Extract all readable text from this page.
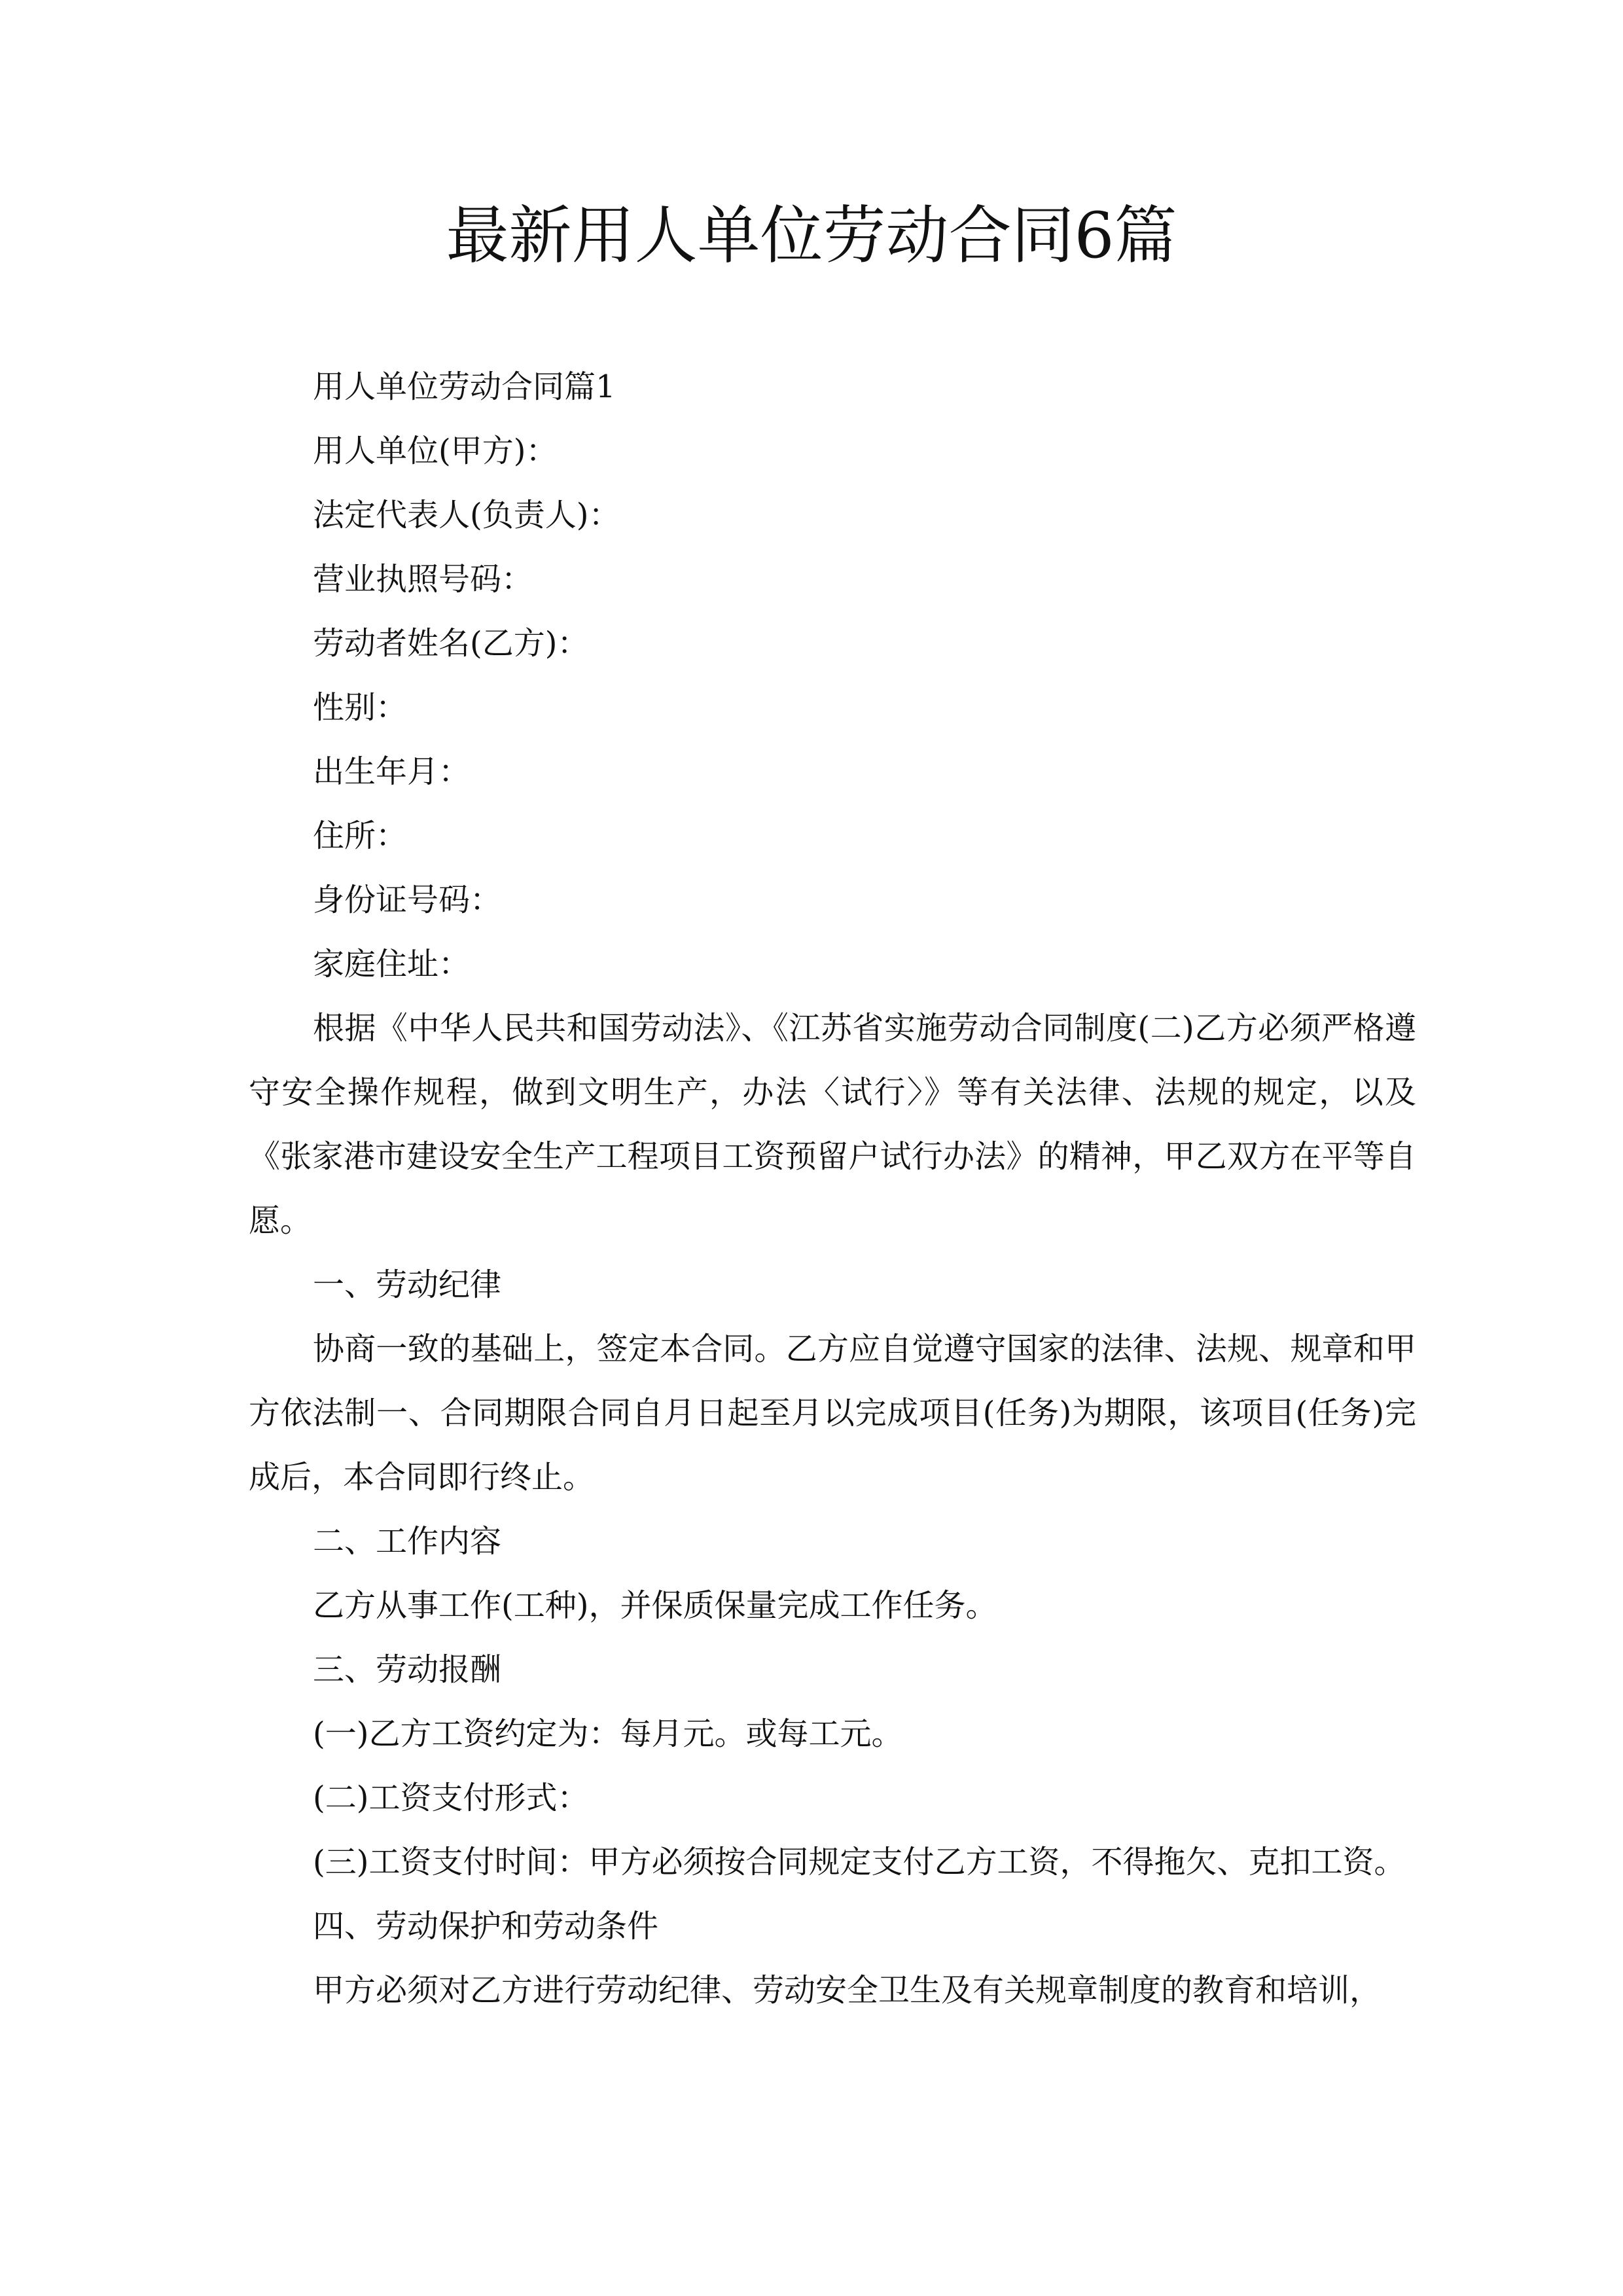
最新用人单位劳动合同6篇

用人单位劳动合同篇1

用人单位(甲方)：

法定代表人(负责人)：

营业执照号码：

劳动者姓名(乙方)：

性别：

出生年月：

住所：

身份证号码：

家庭住址：

根据《中华人民共和国劳动法》、《江苏省实施劳动合同制度(二)乙方必须严格遵守安全操作规程，做到文明生产，办法〈试行〉》等有关法律、法规的规定，以及《张家港市建设安全生产工程项目工资预留户试行办法》的精神，甲乙双方在平等自愿。

一、劳动纪律

协商一致的基础上，签定本合同。乙方应自觉遵守国家的法律、法规、规章和甲方依法制一、合同期限合同自月日起至月以完成项目(任务)为期限，该项目(任务)完成后，本合同即行终止。

二、工作内容

乙方从事工作(工种)，并保质保量完成工作任务。

三、劳动报酬

(一)乙方工资约定为：每月元。或每工元。

(二)工资支付形式：

(三)工资支付时间：甲方必须按合同规定支付乙方工资，不得拖欠、克扣工资。

四、劳动保护和劳动条件

甲方必须对乙方进行劳动纪律、劳动安全卫生及有关规章制度的教育和培训，
